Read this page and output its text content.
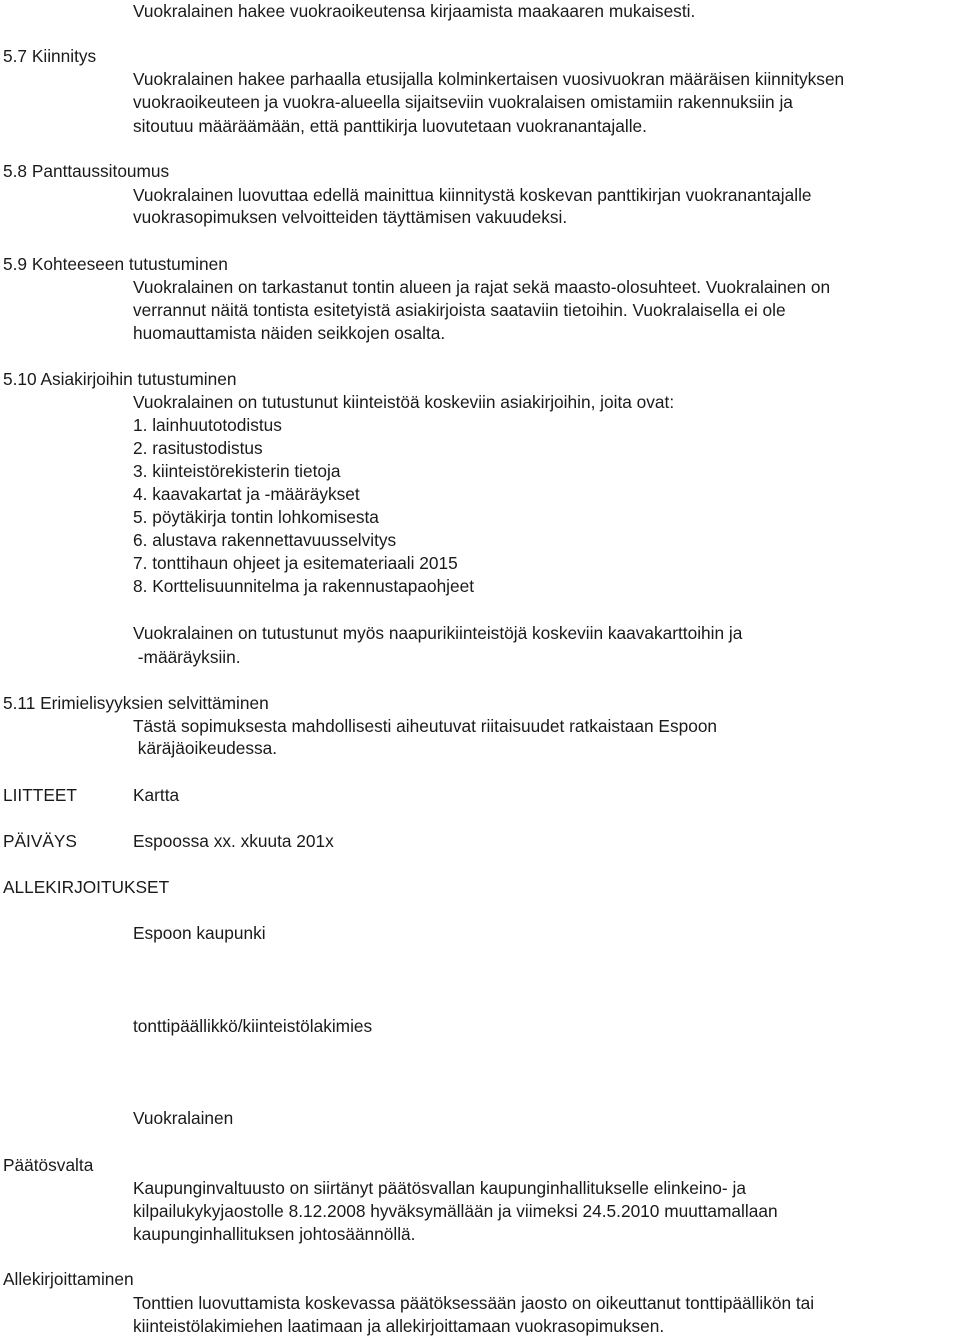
Vuokralainen hakee vuokraoikeutensa kirjaamista maakaaren mukaisesti.
5.7 Kiinnitys
Vuokralainen hakee parhaalla etusijalla kolminkertaisen vuosivuokran määräisen kiinnityksen
vuokraoikeuteen ja vuokra-alueella sijaitseviin vuokralaisen omistamiin rakennuksiin ja
sitoutuu määräämään, että panttikirja luovutetaan vuokranantajalle.
5.8 Panttaussitoumus
Vuokralainen luovuttaa edellä mainittua kiinnitystä koskevan panttikirjan vuokranantajalle
vuokrasopimuksen velvoitteiden täyttämisen vakuudeksi.
5.9 Kohteeseen tutustuminen
Vuokralainen on tarkastanut tontin alueen ja rajat sekä maasto-olosuhteet. Vuokralainen on
verrannut näitä tontista esitetyistä asiakirjoista saataviin tietoihin. Vuokralaisella ei ole
huomauttamista näiden seikkojen osalta.
5.10 Asiakirjoihin tutustuminen
Vuokralainen on tutustunut kiinteistöä koskeviin asiakirjoihin, joita ovat:
1. lainhuutotodistus
2. rasitustodistus
3. kiinteistörekisterin tietoja
4. kaavakartat ja -määräykset
5. pöytäkirja tontin lohkomisesta
6. alustava rakennettavuusselvitys
7. tonttihaun ohjeet ja esitemateriaali 2015
8. Korttelisuunnitelma ja rakennustapaohjeet
Vuokralainen on tutustunut myös naapurikiinteistöjä koskeviin kaavakarttoihin ja
-määräyksiin.
5.11 Erimielisyyksien selvittäminen
Tästä sopimuksesta mahdollisesti aiheutuvat riitaisuudet ratkaistaan Espoon
käräjäoikeudessa.
LIITTEET	Kartta
PÄIVÄYS	Espoossa xx. xkuuta 201x
ALLEKIRJOITUKSET
Espoon kaupunki
tonttipäällikkö/kiinteistölakimies
Vuokralainen
Päätösvalta
Kaupunginvaltuusto on siirtänyt päätösvallan kaupunginhallitukselle elinkeino- ja
kilpailukykyjaostolle 8.12.2008 hyväksymällään ja viimeksi 24.5.2010 muuttamallaan
kaupunginhallituksen johtosäännöllä.
Allekirjoittaminen
Tonttien luovuttamista koskevassa päätöksessään jaosto on oikeuttanut tonttipäällikön tai
kiinteistölakimiehen laatimaan ja allekirjoittamaan vuokrasopimuksen.
